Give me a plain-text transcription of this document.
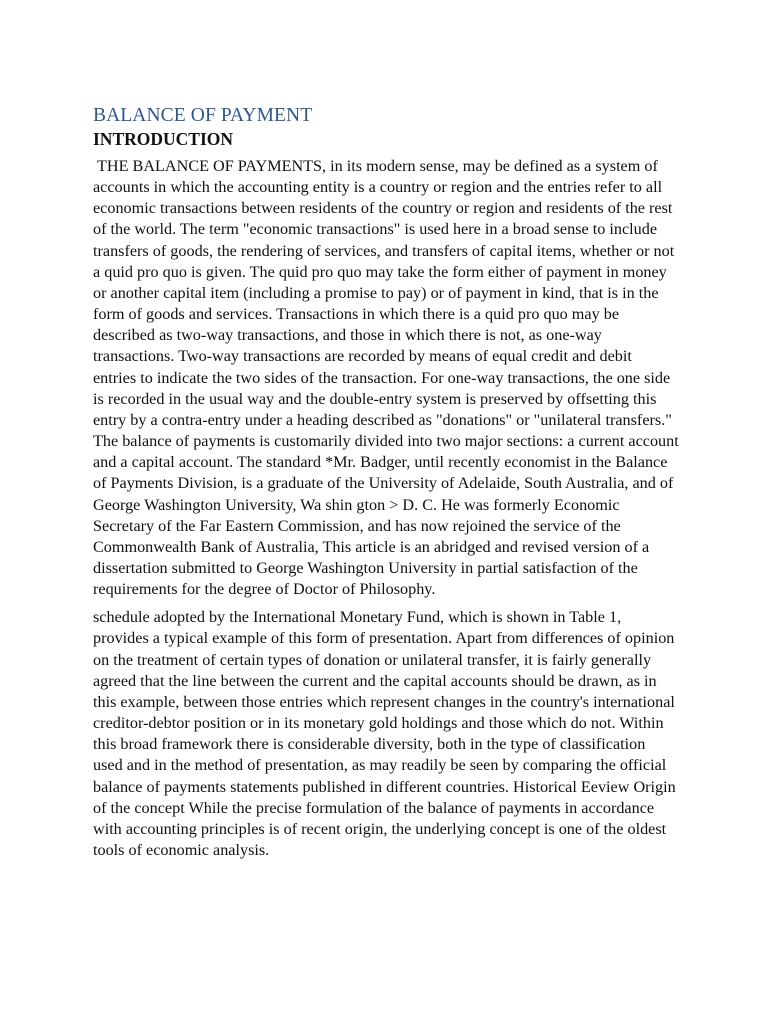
BALANCE OF PAYMENT
INTRODUCTION

THE BALANCE OF PAYMENTS, in its modern sense, may be defined as a system of accounts in which the accounting entity is a country or region and the entries refer to all economic transactions between residents of the country or region and residents of the rest of the world. The term "economic transactions" is used here in a broad sense to include transfers of goods, the rendering of services, and transfers of capital items, whether or not a quid pro quo is given. The quid pro quo may take the form either of payment in money or another capital item (including a promise to pay) or of payment in kind, that is in the form of goods and services. Transactions in which there is a quid pro quo may be described as two-way transactions, and those in which there is not, as one-way transactions. Two-way transactions are recorded by means of equal credit and debit entries to indicate the two sides of the transaction. For one-way transactions, the one side is recorded in the usual way and the double-entry system is preserved by offsetting this entry by a contra-entry under a heading described as "donations" or "unilateral transfers." The balance of payments is customarily divided into two major sections: a current account and a capital account. The standard *Mr. Badger, until recently economist in the Balance of Payments Division, is a graduate of the University of Adelaide, South Australia, and of George Washington University, Wa shin gton > D. C. He was formerly Economic Secretary of the Far Eastern Commission, and has now rejoined the service of the Commonwealth Bank of Australia, This article is an abridged and revised version of a dissertation submitted to George Washington University in partial satisfaction of the requirements for the degree of Doctor of Philosophy.

schedule adopted by the International Monetary Fund, which is shown in Table 1, provides a typical example of this form of presentation. Apart from differences of opinion on the treatment of certain types of donation or unilateral transfer, it is fairly generally agreed that the line between the current and the capital accounts should be drawn, as in this example, between those entries which represent changes in the country's international creditor-debtor position or in its monetary gold holdings and those which do not. Within this broad framework there is considerable diversity, both in the type of classification used and in the method of presentation, as may readily be seen by comparing the official balance of payments statements published in different countries. Historical Eeview Origin of the concept While the precise formulation of the balance of payments in accordance with accounting principles is of recent origin, the underlying concept is one of the oldest tools of economic analysis.
